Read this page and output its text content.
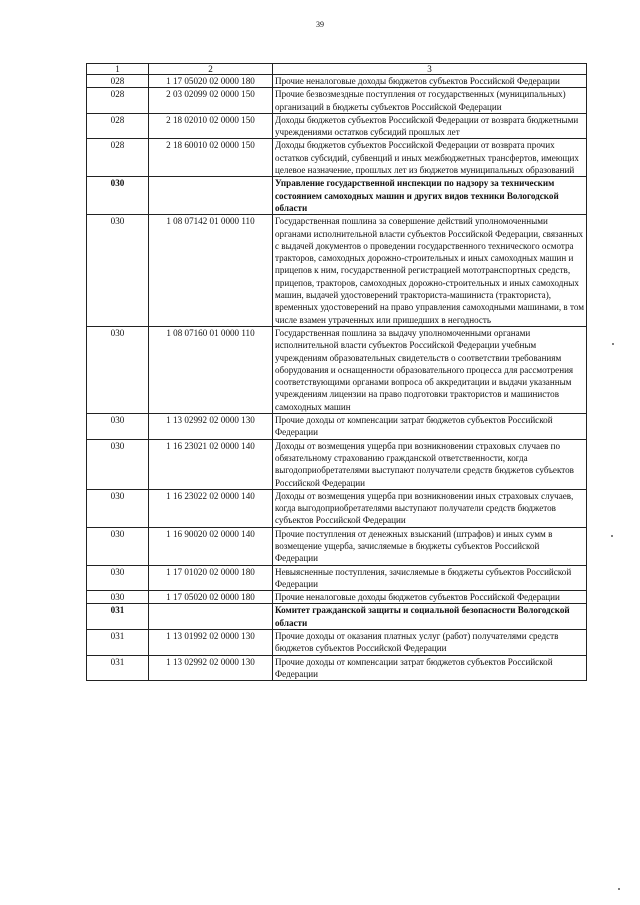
39
1	2	3
028	1 17 05020 02 0000 180	Прочие неналоговые доходы бюджетов субъектов Российской Федерации
028	2 03 02099 02 0000 150	Прочие безвозмездные поступления от государственных (муниципальных) организаций в бюджеты субъектов Российской Федерации
028	2 18 02010 02 0000 150	Доходы бюджетов субъектов Российской Федерации от возврата бюджетными учреждениями остатков субсидий прошлых лет
028	2 18 60010 02 0000 150	Доходы бюджетов субъектов Российской Федерации от возврата прочих остатков субсидий, субвенций и иных межбюджетных трансфертов, имеющих целевое назначение, прошлых лет из бюджетов муниципальных образований
030		Управление государственной инспекции по надзору за техническим состоянием самоходных машин и других видов техники Вологодской области
030	1 08 07142 01 0000 110	Государственная пошлина за совершение действий уполномоченными органами исполнительной власти субъектов Российской Федерации, связанных с выдачей документов о проведении государственного технического осмотра тракторов, самоходных дорожно-строительных и иных самоходных машин и прицепов к ним, государственной регистрацией мототранспортных средств, прицепов, тракторов, самоходных дорожно-строительных и иных самоходных машин, выдачей удостоверений тракториста-машиниста (тракториста), временных удостоверений на право управления самоходными машинами, в том числе взамен утраченных или пришедших в негодность
030	1 08 07160 01 0000 110	Государственная пошлина за выдачу уполномоченными органами исполнительной власти субъектов Российской Федерации учебным учреждениям образовательных свидетельств о соответствии требованиям оборудования и оснащенности образовательного процесса для рассмотрения соответствующими органами вопроса об аккредитации и выдачи указанным учреждениям лицензии на право подготовки трактористов и машинистов самоходных машин
030	1 13 02992 02 0000 130	Прочие доходы от компенсации затрат бюджетов субъектов Российской Федерации
030	1 16 23021 02 0000 140	Доходы от возмещения ущерба при возникновении страховых случаев по обязательному страхованию гражданской ответственности, когда выгодоприобретателями выступают получатели средств бюджетов субъектов Российской Федерации
030	1 16 23022 02 0000 140	Доходы от возмещения ущерба при возникновении иных страховых случаев, когда выгодоприобретателями выступают получатели средств бюджетов субъектов Российской Федерации
030	1 16 90020 02 0000 140	Прочие поступления от денежных взысканий (штрафов) и иных сумм в возмещение ущерба, зачисляемые в бюджеты субъектов Российской Федерации
030	1 17 01020 02 0000 180	Невыясненные поступления, зачисляемые в бюджеты субъектов Российской Федерации
030	1 17 05020 02 0000 180	Прочие неналоговые доходы бюджетов субъектов Российской Федерации
031		Комитет гражданской защиты и социальной безопасности Вологодской области
031	1 13 01992 02 0000 130	Прочие доходы от оказания платных услуг (работ) получателями средств бюджетов субъектов Российской Федерации
031	1 13 02992 02 0000 130	Прочие доходы от компенсации затрат бюджетов субъектов Российской Федерации
